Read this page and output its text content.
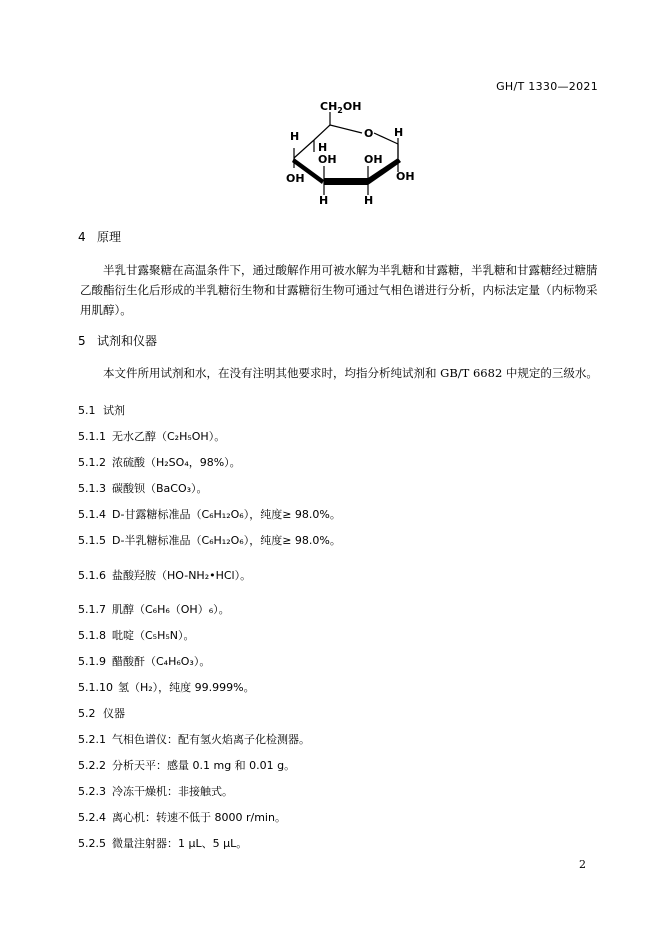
GH/T 1330—2021
$CH_2OH$
O
H	H
H
OH OH
OH	OH
H	H
4 原理
半乳甘露聚糖在高温条件下，通过酸解作用可被水解为半乳糖和甘露糖，半乳糖和甘露糖经过糖腈乙酸酯衍生化后形成的半乳糖衍生物和甘露糖衍生物可通过气相色谱进行分析，内标法定量（内标物采用肌醇）。
5 试剂和仪器
本文件所用试剂和水，在没有注明其他要求时，均指分析纯试剂和 GB/T 6682 中规定的三级水。
5.1 试剂
5.1.1 无水乙醇（C₂H₅OH）。
5.1.2 浓硫酸（H₂SO₄，98%）。
5.1.3 碳酸钡（BaCO₃）。
5.1.4 D-甘露糖标准品（C₆H₁₂O₆），纯度≥ 98.0%。
5.1.5 D-半乳糖标准品（C₆H₁₂O₆），纯度≥ 98.0%。
5.1.6 盐酸羟胺（HO-NH₂•HCl）。
5.1.7 肌醇（C₆H₆（OH）₆）。
5.1.8 吡啶（C₅H₅N）。
5.1.9 醋酸酐（C₄H₆O₃）。
5.1.10 氢（H₂），纯度 99.999%。
5.2 仪器
5.2.1 气相色谱仪：配有氢火焰离子化检测器。
5.2.2 分析天平：感量 0.1 mg 和 0.01 g。
5.2.3 冷冻干燥机：非接触式。
5.2.4 离心机：转速不低于 8000 r/min。
5.2.5 微量注射器：1 μL、5 μL。
2
